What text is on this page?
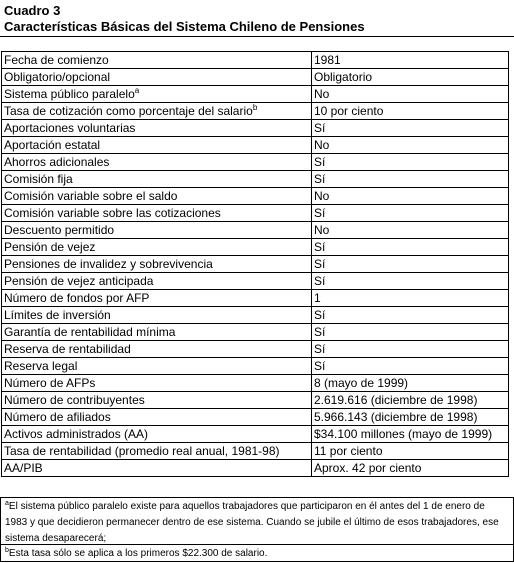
Cuadro 3
Características Básicas del Sistema Chileno de Pensiones
Fecha de comienzo	1981
Obligatorio/opcional	Obligatorio
Sistema público paralelo$^a$	No
Tasa de cotización como porcentaje del salario$^b$	10 por ciento
Aportaciones voluntarias	Sí
Aportación estatal	No
Ahorros adicionales	Sí
Comisión fija	Sí
Comisión variable sobre el saldo	No
Comisión variable sobre las cotizaciones	Sí
Descuento permitido	No
Pensión de vejez	Sí
Pensiones de invalidez y sobrevivencia	Sí
Pensión de vejez anticipada	Sí
Número de fondos por AFP	1
Límites de inversión	Sí
Garantía de rentabilidad mínima	Sí
Reserva de rentabilidad	Sí
Reserva legal	Sí
Número de AFPs	8 (mayo de 1999)
Número de contribuyentes	2.619.616 (diciembre de 1998)
Número de afiliados	5.966.143 (diciembre de 1998)
Activos administrados (AA)	$34.100 millones (mayo de 1999)
Tasa de rentabilidad (promedio real anual, 1981-98)	11 por ciento
AA/PIB	Aprox. 42 por ciento
$^a$El sistema público paralelo existe para aquellos trabajadores que participaron en él antes del 1 de enero de 1983 y que decidieron permanecer dentro de ese sistema. Cuando se jubile el último de esos trabajadores, ese sistema desaparecerá;
$^b$Esta tasa sólo se aplica a los primeros $22.300 de salario.
